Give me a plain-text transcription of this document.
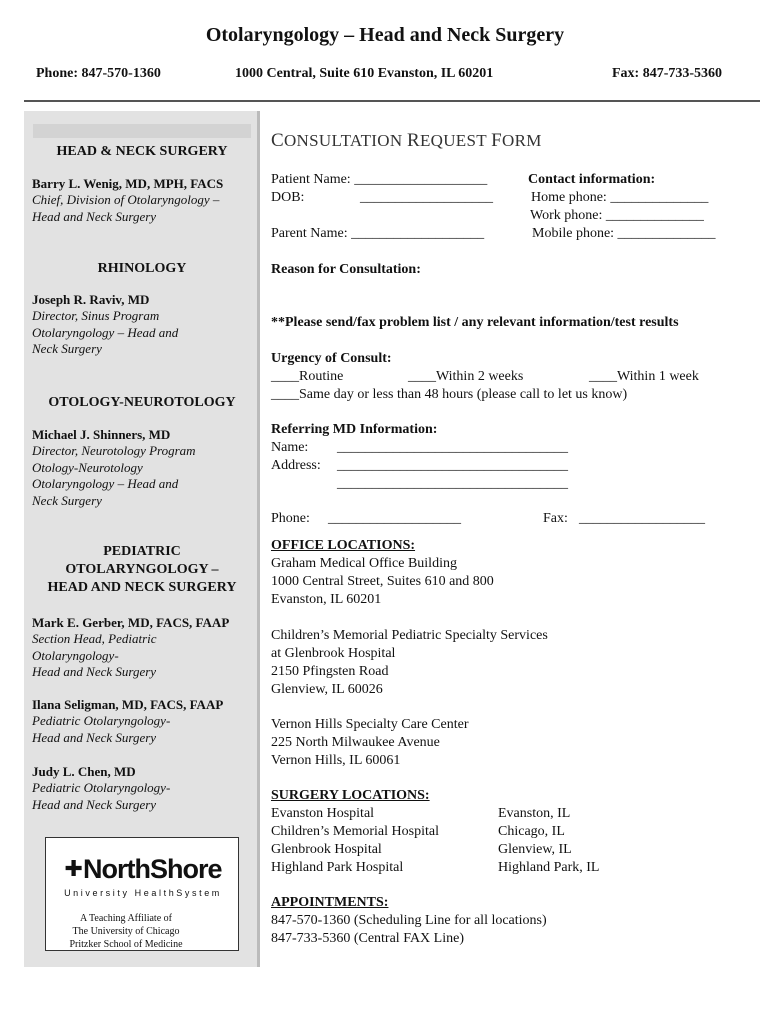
Otolaryngology – Head and Neck Surgery
Phone: 847-570-1360	1000 Central, Suite 610 Evanston, IL 60201	Fax: 847-733-5360
HEAD & NECK SURGERY
Barry L. Wenig, MD, MPH, FACS
Chief, Division of Otolaryngology –
Head and Neck Surgery
RHINOLOGY
Joseph R. Raviv, MD
Director, Sinus Program
Otolaryngology – Head and
Neck Surgery
OTOLOGY-NEUROTOLOGY
Michael J. Shinners, MD
Director, Neurotology Program
Otology-Neurotology
Otolaryngology – Head and
Neck Surgery
PEDIATRIC
OTOLARYNGOLOGY –
HEAD AND NECK SURGERY
Mark E. Gerber, MD, FACS, FAAP
Section Head, Pediatric
Otolaryngology-
Head and Neck Surgery
Ilana Seligman, MD, FACS, FAAP
Pediatric Otolaryngology-
Head and Neck Surgery
Judy L. Chen, MD
Pediatric Otolaryngology-
Head and Neck Surgery
✚NorthShore
University HealthSystem
A Teaching Affiliate of
The University of Chicago
Pritzker School of Medicine
CONSULTATION REQUEST FORM
Patient Name: ___________________
DOB:	___________________
Parent Name: ___________________
Contact information:
Home phone: ______________
Work phone: ______________
Mobile phone: ______________
Reason for Consultation:
**Please send/fax problem list / any relevant information/test results
Urgency of Consult:
____Routine	____Within 2 weeks	____Within 1 week
____Same day or less than 48 hours (please call to let us know)
Referring MD Information:
Name: _________________________________
Address: _________________________________
_________________________________
Phone: ___________________	Fax: __________________
OFFICE LOCATIONS:
Graham Medical Office Building
1000 Central Street, Suites 610 and 800
Evanston, IL 60201
Children’s Memorial Pediatric Specialty Services
at Glenbrook Hospital
2150 Pfingsten Road
Glenview, IL 60026
Vernon Hills Specialty Care Center
225 North Milwaukee Avenue
Vernon Hills, IL 60061
SURGERY LOCATIONS:
Evanston Hospital	Evanston, IL
Children’s Memorial Hospital	Chicago, IL
Glenbrook Hospital	Glenview, IL
Highland Park Hospital	Highland Park, IL
APPOINTMENTS:
847-570-1360 (Scheduling Line for all locations)
847-733-5360 (Central FAX Line)
